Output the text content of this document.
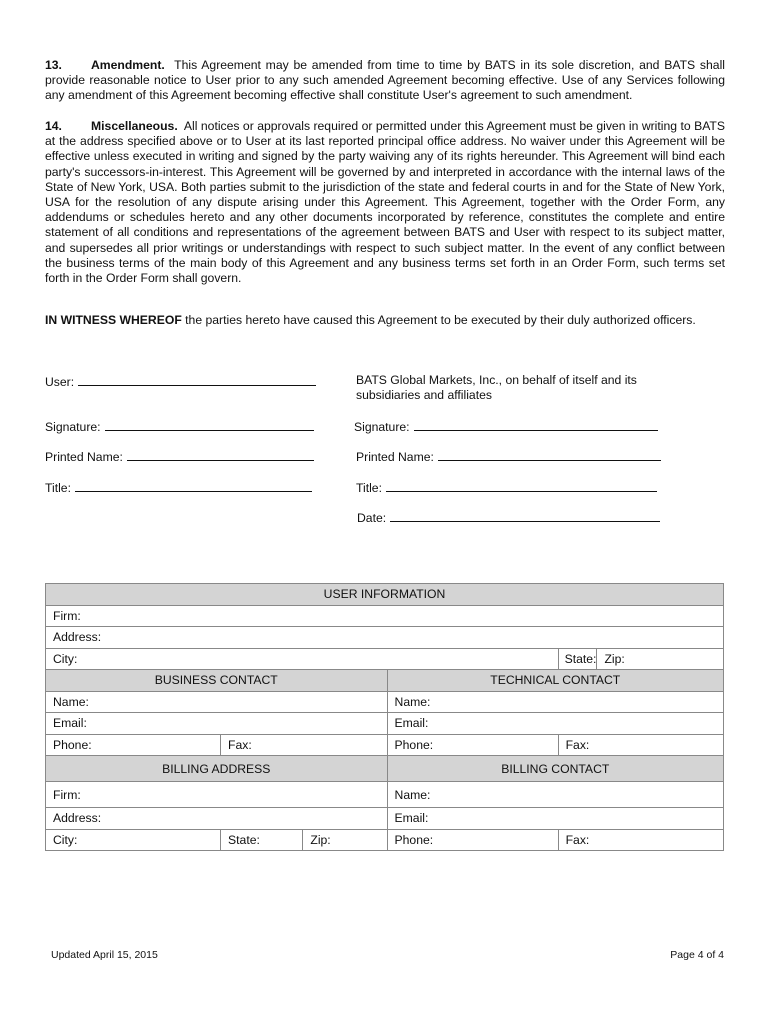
13. Amendment. This Agreement may be amended from time to time by BATS in its sole discretion, and BATS shall provide reasonable notice to User prior to any such amended Agreement becoming effective. Use of any Services following any amendment of this Agreement becoming effective shall constitute User's agreement to such amendment.
14. Miscellaneous. All notices or approvals required or permitted under this Agreement must be given in writing to BATS at the address specified above or to User at its last reported principal office address. No waiver under this Agreement will be effective unless executed in writing and signed by the party waiving any of its rights hereunder. This Agreement will bind each party's successors-in-interest. This Agreement will be governed by and interpreted in accordance with the internal laws of the State of New York, USA. Both parties submit to the jurisdiction of the state and federal courts in and for the State of New York, USA for the resolution of any dispute arising under this Agreement. This Agreement, together with the Order Form, any addendums or schedules hereto and any other documents incorporated by reference, constitutes the complete and entire statement of all conditions and representations of the agreement between BATS and User with respect to its subject matter, and supersedes all prior writings or understandings with respect to such subject matter. In the event of any conflict between the business terms of the main body of this Agreement and any business terms set forth in an Order Form, such terms set forth in the Order Form shall govern.
IN WITNESS WHEREOF the parties hereto have caused this Agreement to be executed by their duly authorized officers.
User:
Signature:
Printed Name:
Title:
BATS Global Markets, Inc., on behalf of itself and its subsidiaries and affiliates
Signature:
Printed Name:
Title:
Date:
USER INFORMATION					
Firm:					
Address:					
City:				State:	Zip:
BUSINESS CONTACT			TECHNICAL CONTACT		
Name:			Name:		
Email:			Email:		
Phone:	Fax:		Phone:	Fax:	
BILLING ADDRESS			BILLING CONTACT		
Firm:			Name:		
Address:			Email:		
City:	State:	Zip:	Phone:	Fax:	
Updated April 15, 2015	Page 4 of 4
